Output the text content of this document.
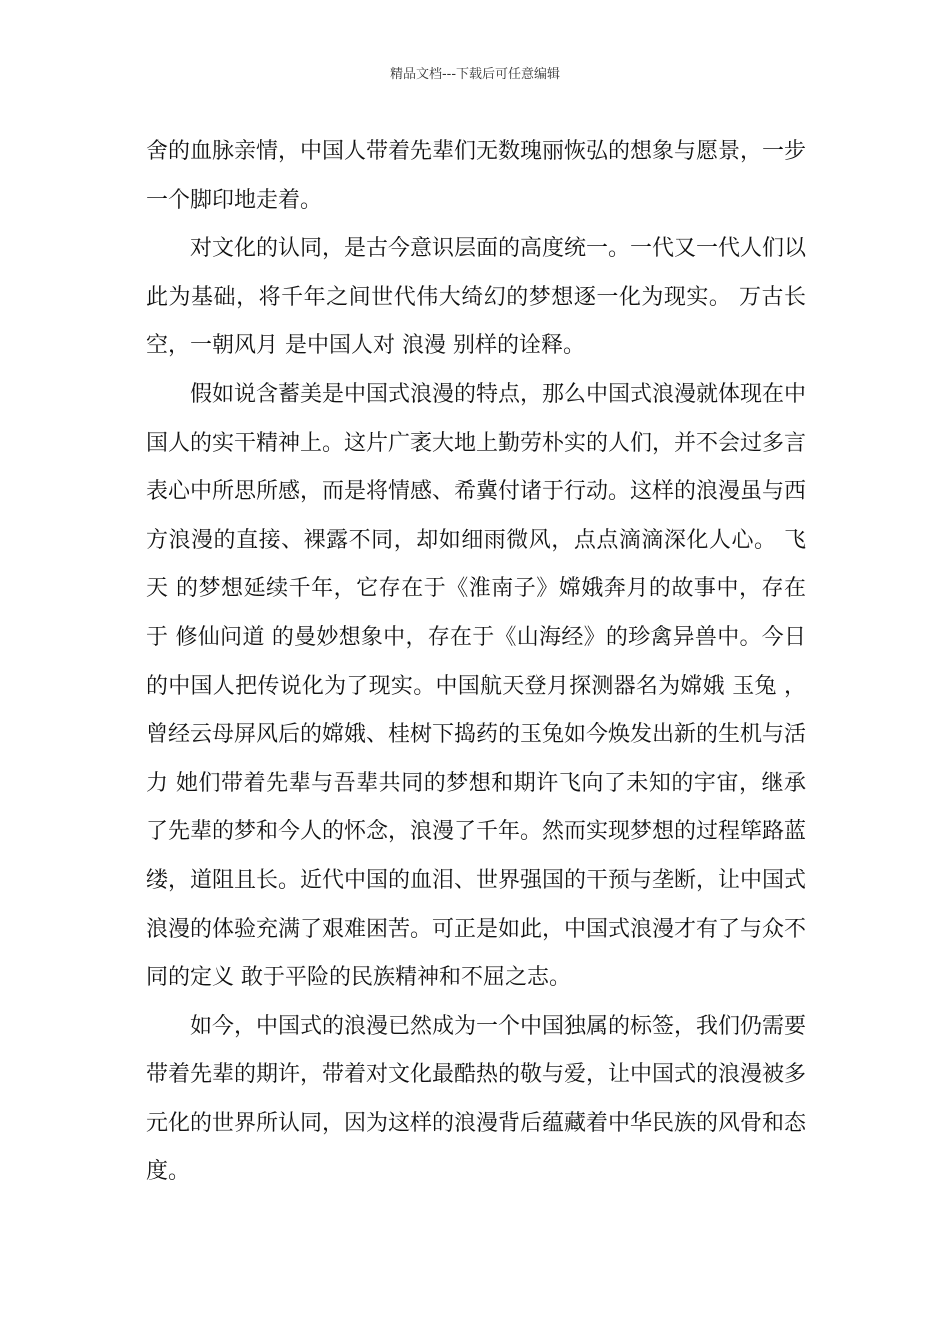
精品文档---下载后可任意编辑

舍的血脉亲情，中国人带着先辈们无数瑰丽恢弘的想象与愿景，一步一个脚印地走着。

对文化的认同，是古今意识层面的高度统一。一代又一代人们以此为基础，将千年之间世代伟大绮幻的梦想逐一化为现实。 万古长空，一朝风月 是中国人对 浪漫 别样的诠释。

假如说含蓄美是中国式浪漫的特点，那么中国式浪漫就体现在中国人的实干精神上。这片广袤大地上勤劳朴实的人们，并不会过多言表心中所思所感，而是将情感、希冀付诸于行动。这样的浪漫虽与西方浪漫的直接、裸露不同，却如细雨微风，点点滴滴深化人心。 飞天 的梦想延续千年，它存在于《淮南子》嫦娥奔月的故事中，存在于 修仙问道 的曼妙想象中，存在于《山海经》的珍禽异兽中。今日的中国人把传说化为了现实。中国航天登月探测器名为嫦娥 玉兔 ，曾经云母屏风后的嫦娥、桂树下捣药的玉兔如今焕发出新的生机与活力 她们带着先辈与吾辈共同的梦想和期许飞向了未知的宇宙，继承了先辈的梦和今人的怀念，浪漫了千年。然而实现梦想的过程筚路蓝缕，道阻且长。近代中国的血泪、世界强国的干预与垄断，让中国式浪漫的体验充满了艰难困苦。可正是如此，中国式浪漫才有了与众不同的定义 敢于平险的民族精神和不屈之志。

如今，中国式的浪漫已然成为一个中国独属的标签，我们仍需要带着先辈的期许，带着对文化最酷热的敬与爱，让中国式的浪漫被多元化的世界所认同，因为这样的浪漫背后蕴藏着中华民族的风骨和态度。
